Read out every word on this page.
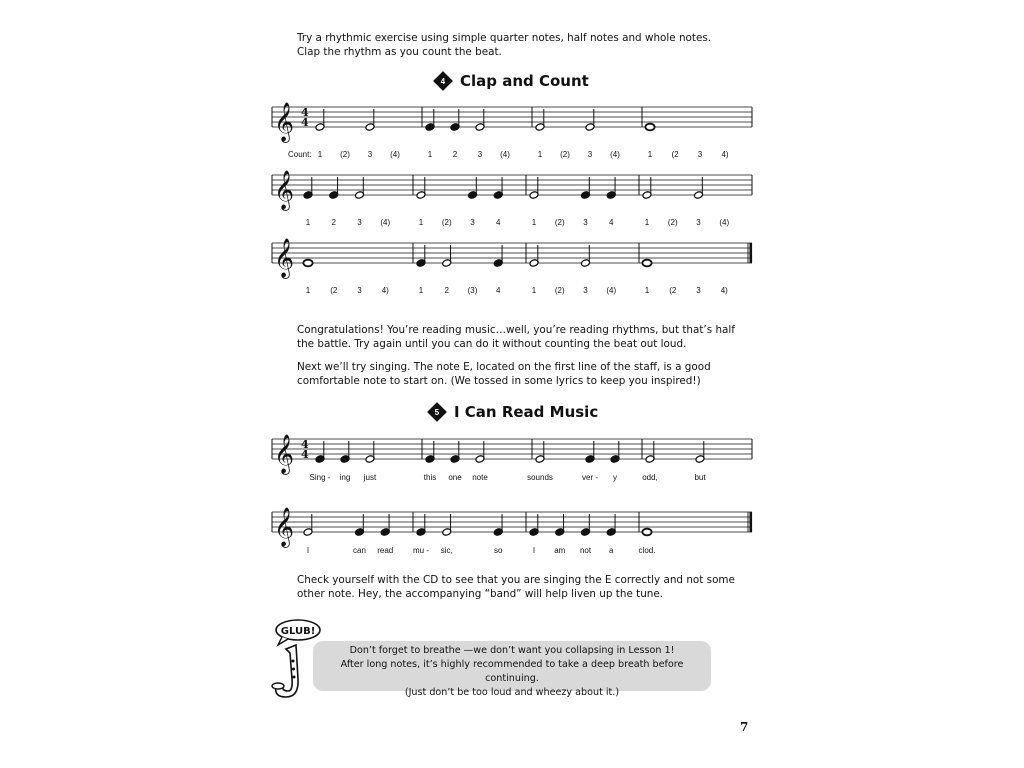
Try a rhythmic exercise using simple quarter notes, half notes and whole notes. Clap the rhythm as you count the beat.

4 Clap and Count
𝄞 4
4
1 (2) 3 (4)	1	2	3 (4)	1 (2) 3 (4)	1 (2 3 4)
𝄞
1	2	3 (4)	1 (2) 3	4	1 (2) 3	4	1 (2) 3 (4)
𝄞
1 (2 3 4)	1	2 (3) 4	1 (2) 3 (4)	1 (2 3 4)
Count:

Congratulations! You’re reading music…well, you’re reading rhythms, but that’s half the battle. Try again until you can do it without counting the beat out loud.

Next we’ll try singing. The note E, located on the first line of the staff, is a good comfortable note to start on. (We tossed in some lyrics to keep you inspired!)

5 I Can Read Music
𝄞 4
4
Sing - ing just	this one note	sounds	ver - y	odd,	but
𝄞
I	can read mu - sic,	so	I am not a	clod.

Check yourself with the CD to see that you are singing the E correctly and not some other note. Hey, the accompanying “band” will help liven up the tune.

GLUB!
Don’t forget to breathe —we don’t want you collapsing in Lesson 1!
After long notes, it’s highly recommended to take a deep breath before continuing.
(Just don’t be too loud and wheezy about it.)
7
